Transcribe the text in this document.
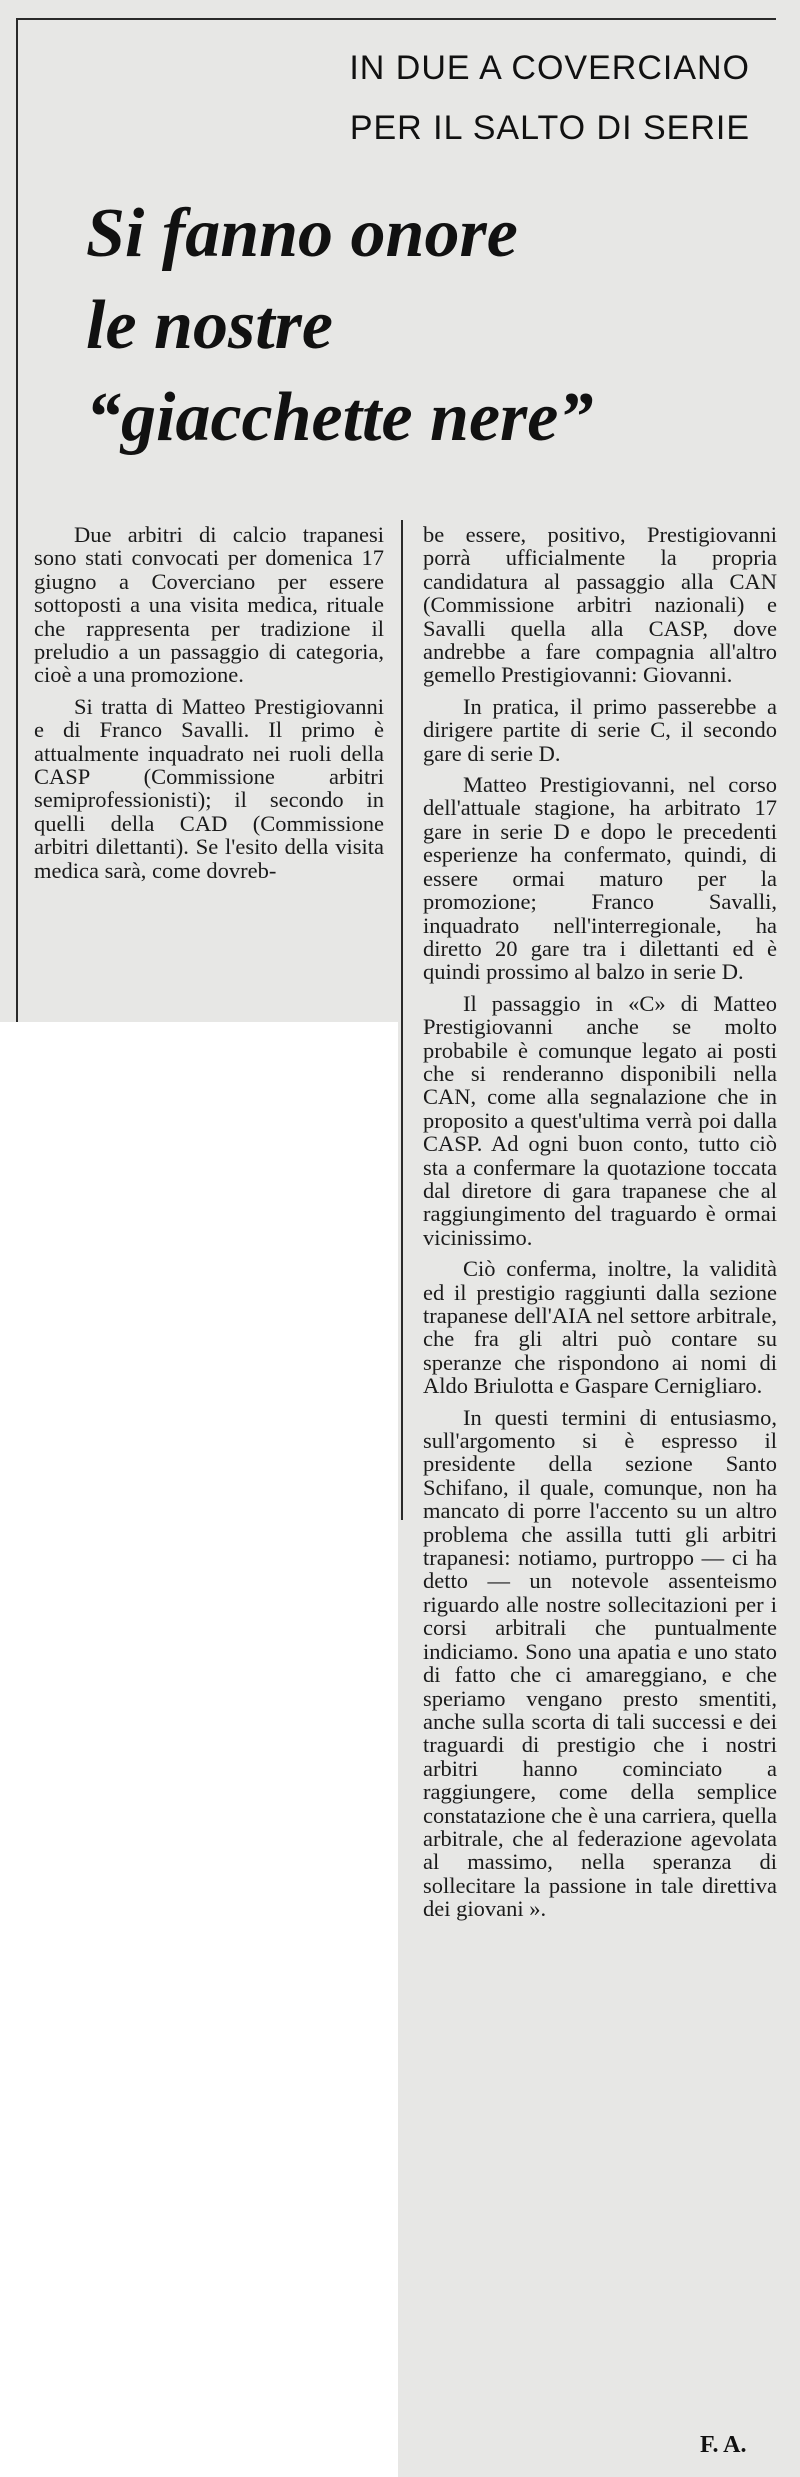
IN DUE A COVERCIANO
PER IL SALTO DI SERIE
Si fanno onore
le nostre
“giacchette nere”

Due arbitri di calcio trapanesi sono stati convocati per domenica 17 giugno a Coverciano per essere sottoposti a una visita medica, rituale che rappresenta per tradizione il preludio a un passaggio di categoria, cioè a una promozione.

Si tratta di Matteo Prestigiovanni e di Franco Savalli. Il primo è attualmente inquadrato nei ruoli della CASP (Commissione arbitri semiprofessionisti); il secondo in quelli della CAD (Commissione arbitri dilettanti). Se l'esito della visita medica sarà, come dovreb-

be essere, positivo, Prestigiovanni porrà ufficialmente la propria candidatura al passaggio alla CAN (Commissione arbitri nazionali) e Savalli quella alla CASP, dove andrebbe a fare compagnia all'altro gemello Prestigiovanni: Giovanni.

In pratica, il primo passerebbe a dirigere partite di serie C, il secondo gare di serie D.

Matteo Prestigiovanni, nel corso dell'attuale stagione, ha arbitrato 17 gare in serie D e dopo le precedenti esperienze ha confermato, quindi, di essere ormai maturo per la promozione; Franco Savalli, inquadrato nell'interregionale, ha diretto 20 gare tra i dilettanti ed è quindi prossimo al balzo in serie D.

Il passaggio in «C» di Matteo Prestigiovanni anche se molto probabile è comunque legato ai posti che si renderanno disponibili nella CAN, come alla segnalazione che in proposito a quest'ultima verrà poi dalla CASP. Ad ogni buon conto, tutto ciò sta a confermare la quotazione toccata dal diretore di gara trapanese che al raggiungimento del traguardo è ormai vicinissimo.

Ciò conferma, inoltre, la validità ed il prestigio raggiunti dalla sezione trapanese dell'AIA nel settore arbitrale, che fra gli altri può contare su speranze che rispondono ai nomi di Aldo Briulotta e Gaspare Cernigliaro.

In questi termini di entusiasmo, sull'argomento si è espresso il presidente della sezione Santo Schifano, il quale, comunque, non ha mancato di porre l'accento su un altro problema che assilla tutti gli arbitri trapanesi: notiamo, purtroppo — ci ha detto — un notevole assenteismo riguardo alle nostre sollecitazioni per i corsi arbitrali che puntualmente indiciamo. Sono una apatia e uno stato di fatto che ci amareggiano, e che speriamo vengano presto smentiti, anche sulla scorta di tali successi e dei traguardi di prestigio che i nostri arbitri hanno cominciato a raggiungere, come della semplice constatazione che è una carriera, quella arbitrale, che al federazione agevolata al massimo, nella speranza di sollecitare la passione in tale direttiva dei giovani ».

F. A.
